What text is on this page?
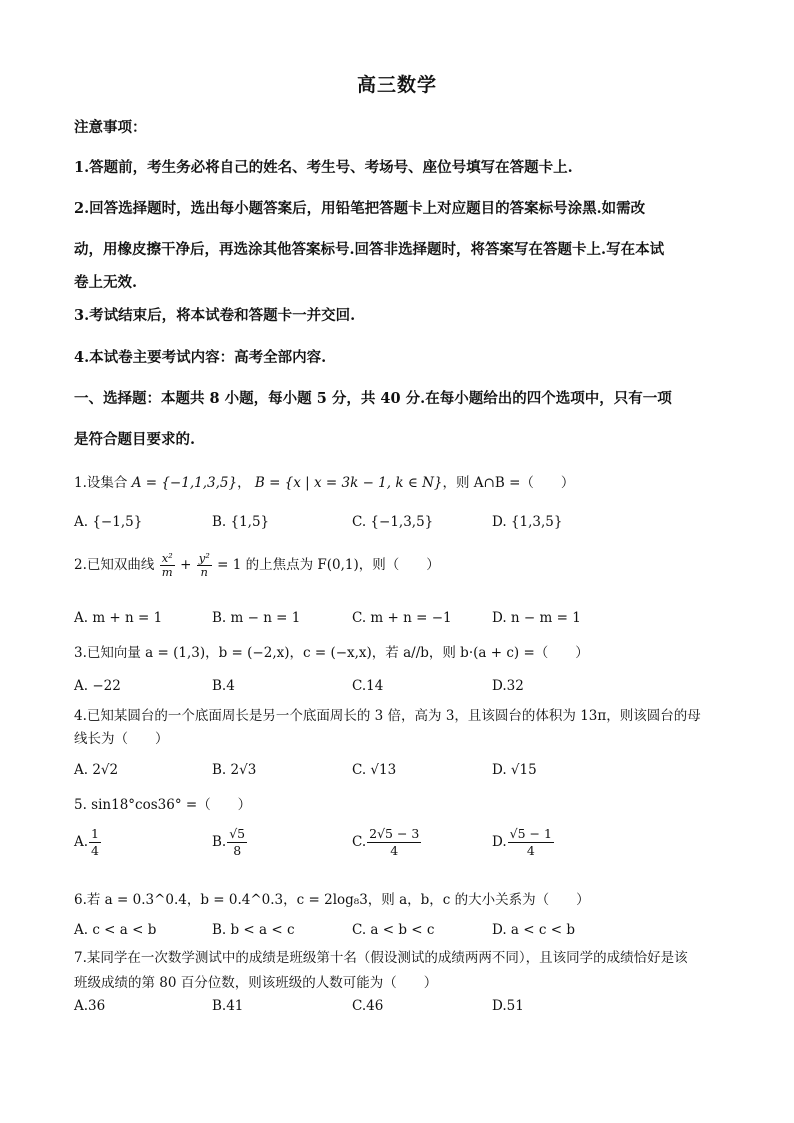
高三数学
注意事项：
1.答题前，考生务必将自己的姓名、考生号、考场号、座位号填写在答题卡上.
2.回答选择题时，选出每小题答案后，用铅笔把答题卡上对应题目的答案标号涂黑.如需改
动，用橡皮擦干净后，再选涂其他答案标号.回答非选择题时，将答案写在答题卡上.写在本试
卷上无效.
3.考试结束后，将本试卷和答题卡一并交回.
4.本试卷主要考试内容：高考全部内容.
一、选择题：本题共 8 小题，每小题 5 分，共 40 分.在每小题给出的四个选项中，只有一项
是符合题目要求的.
1.设集合 A = {−1,1,3,5}， B = {x | x = 3k − 1, k ∈ N}，则 A∩B =（　　）
A. {−1,5}	B. {1,5}	C. {−1,3,5}	D. {1,3,5}
2.已知双曲线 $\frac{\text{x²}}{m} + \frac{\text{y²}}{n} = 1$ 的上焦点为 F(0,1)，则（　　）
A. m + n = 1	B. m − n = 1	C. m + n = −1	D. n − m = 1
3.已知向量 a = (1,3)，b = (−2,x)，c = (−x,x)，若 a//b，则 b·(a + c) =（　　）
A. −22	B.4	C.14	D.32
4.已知某圆台的一个底面周长是另一个底面周长的 3 倍，高为 3，且该圆台的体积为 13π，则该圆台的母
线长为（　　）
A. 2√2	B. 2√3	C. √13	D. √15
5. sin18°cos36° =（　　）
A. $\frac{1}{4}$	B. $\frac{√5}{8}$	C. $\frac{2√5 - 3}{4}$	D. $\frac{√5 - 1}{4}$
6.若 a = 0.3^0.4，b = 0.4^0.3，c = 2log₈3，则 a，b，c 的大小关系为（　　）
A. c < a < b	B. b < a < c	C. a < b < c	D. a < c < b
7.某同学在一次数学测试中的成绩是班级第十名（假设测试的成绩两两不同），且该同学的成绩恰好是该
班级成绩的第 80 百分位数，则该班级的人数可能为（　　）
A.36	B.41	C.46	D.51
